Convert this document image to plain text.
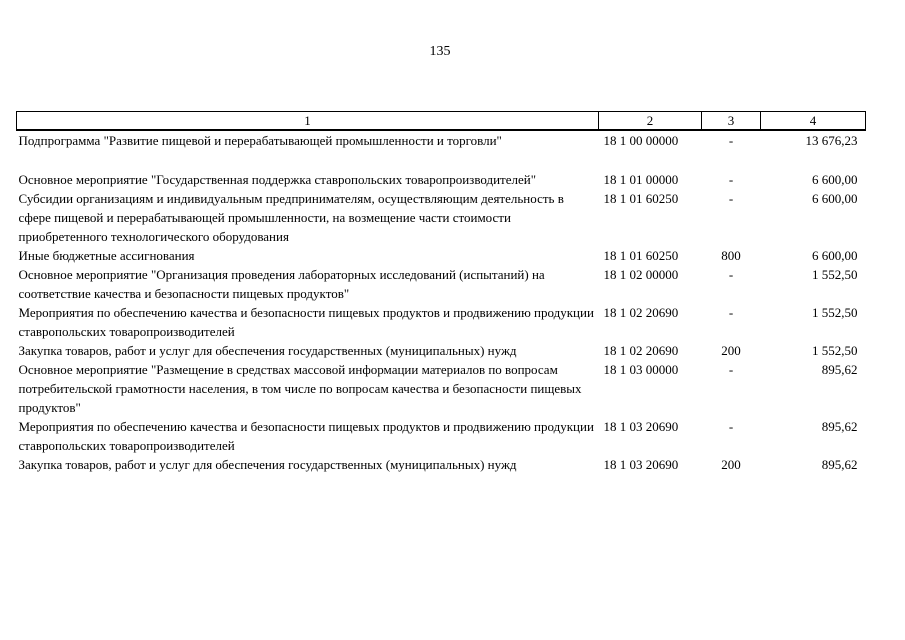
135
1	2	3	4
Подпрограмма "Развитие пищевой и перерабатывающей промышленности и торговли"	18 1 00 00000	-	13 676,23
Основное мероприятие "Государственная поддержка ставропольских товаропроизводителей"	18 1 01 00000	-	6 600,00
Субсидии организациям и индивидуальным предпринимателям, осуществляющим деятельность в сфере пищевой и перерабатывающей промышленности, на возмещение части стоимости приобретенного технологического оборудования	18 1 01 60250	-	6 600,00
Иные бюджетные ассигнования	18 1 01 60250	800	6 600,00
Основное мероприятие "Организация проведения лабораторных исследований (испытаний) на соответствие качества и безопасности пищевых продуктов"	18 1 02 00000	-	1 552,50
Мероприятия по обеспечению качества и безопасности пищевых продуктов и продвижению продукции ставропольских товаропроизводителей	18 1 02 20690	-	1 552,50
Закупка товаров, работ и услуг для обеспечения государственных (муниципальных) нужд	18 1 02 20690	200	1 552,50
Основное мероприятие "Размещение в средствах массовой информации материалов по вопросам потребительской грамотности населения, в том числе по вопросам качества и безопасности пищевых продуктов"	18 1 03 00000	-	895,62
Мероприятия по обеспечению качества и безопасности пищевых продуктов и продвижению продукции ставропольских товаропроизводителей	18 1 03 20690	-	895,62
Закупка товаров, работ и услуг для обеспечения государственных (муниципальных) нужд	18 1 03 20690	200	895,62
